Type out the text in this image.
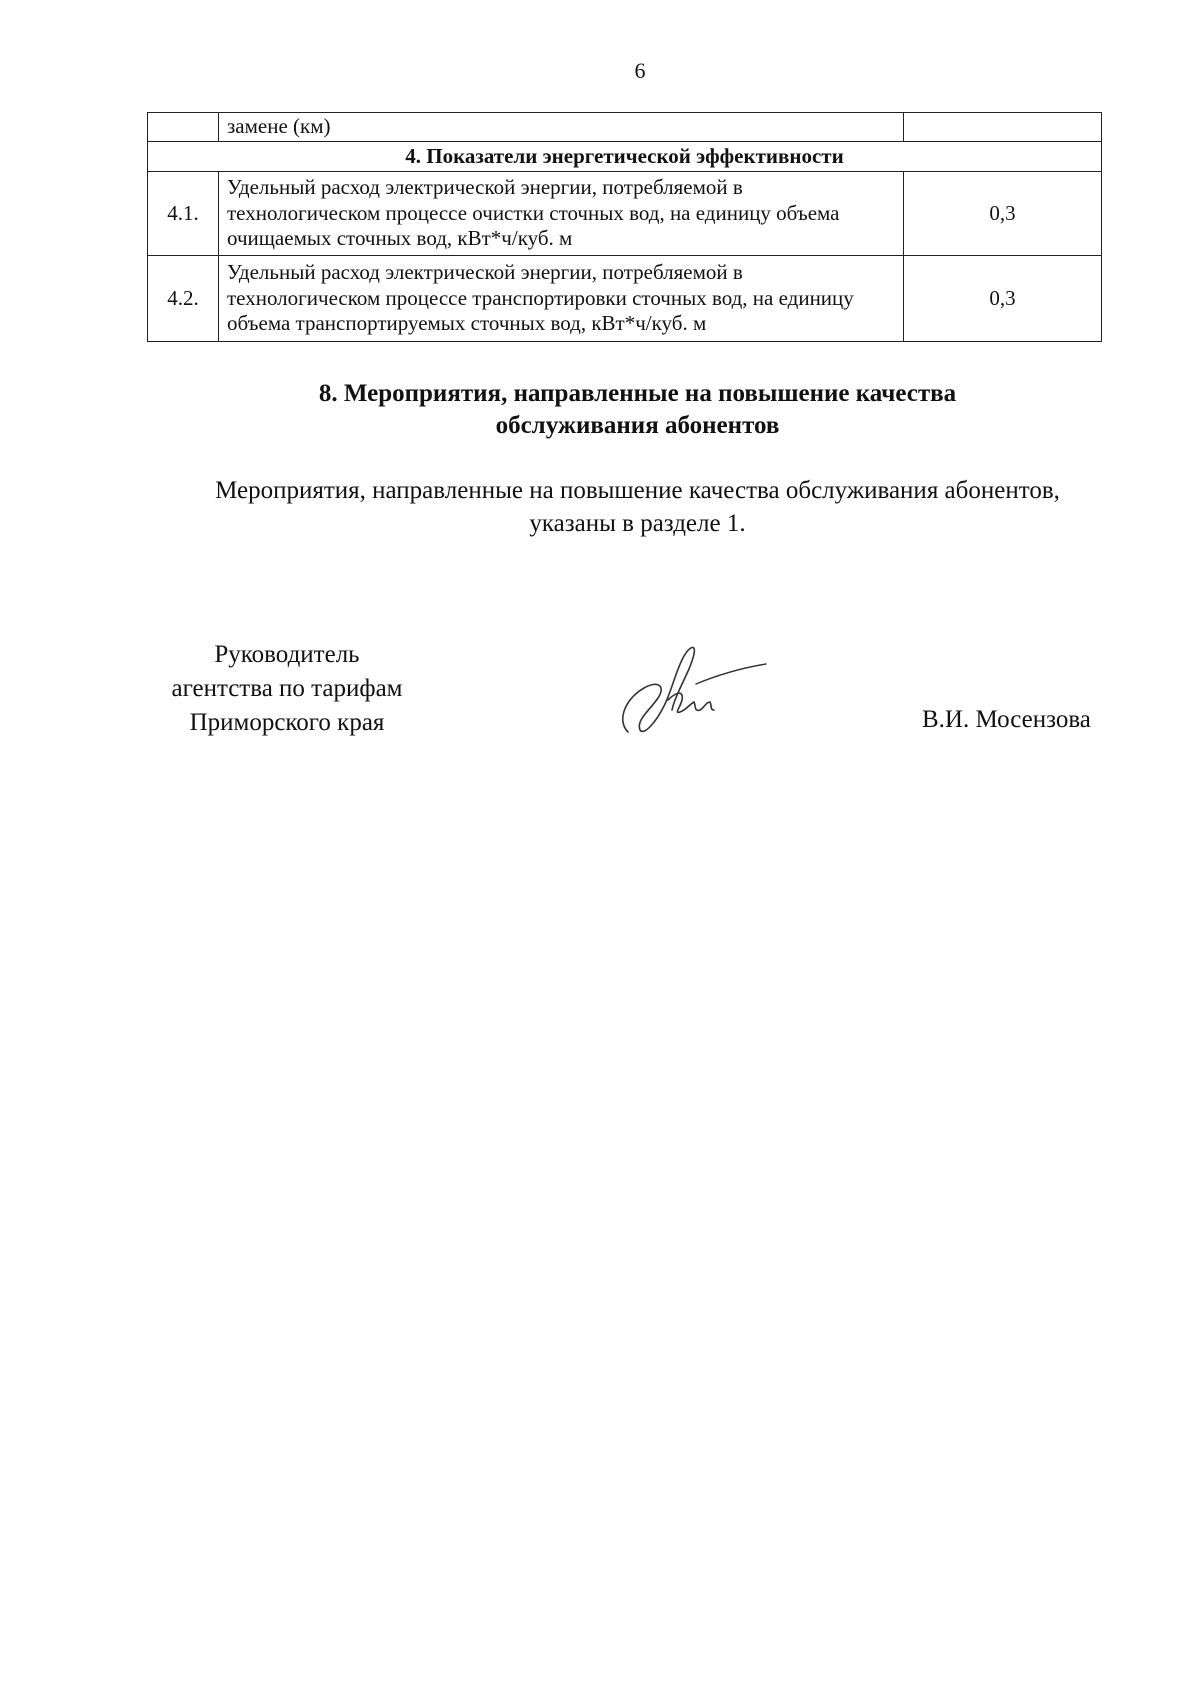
6
	замене (км)	
4. Показатели энергетической эффективности		
4.1.	Удельный расход электрической энергии, потребляемой в технологическом процессе очистки сточных вод, на единицу объема очищаемых сточных вод, кВт*ч/куб. м	0,3
4.2.	Удельный расход электрической энергии, потребляемой в технологическом процессе транспортировки сточных вод, на единицу объема транспортируемых сточных вод, кВт*ч/куб. м	0,3
8. Мероприятия, направленные на повышение качества
обслуживания абонентов
Мероприятия, направленные на повышение качества обслуживания абонентов,
указаны в разделе 1.
Руководитель
агентства по тарифам
Приморского края	В.И. Мосензова
